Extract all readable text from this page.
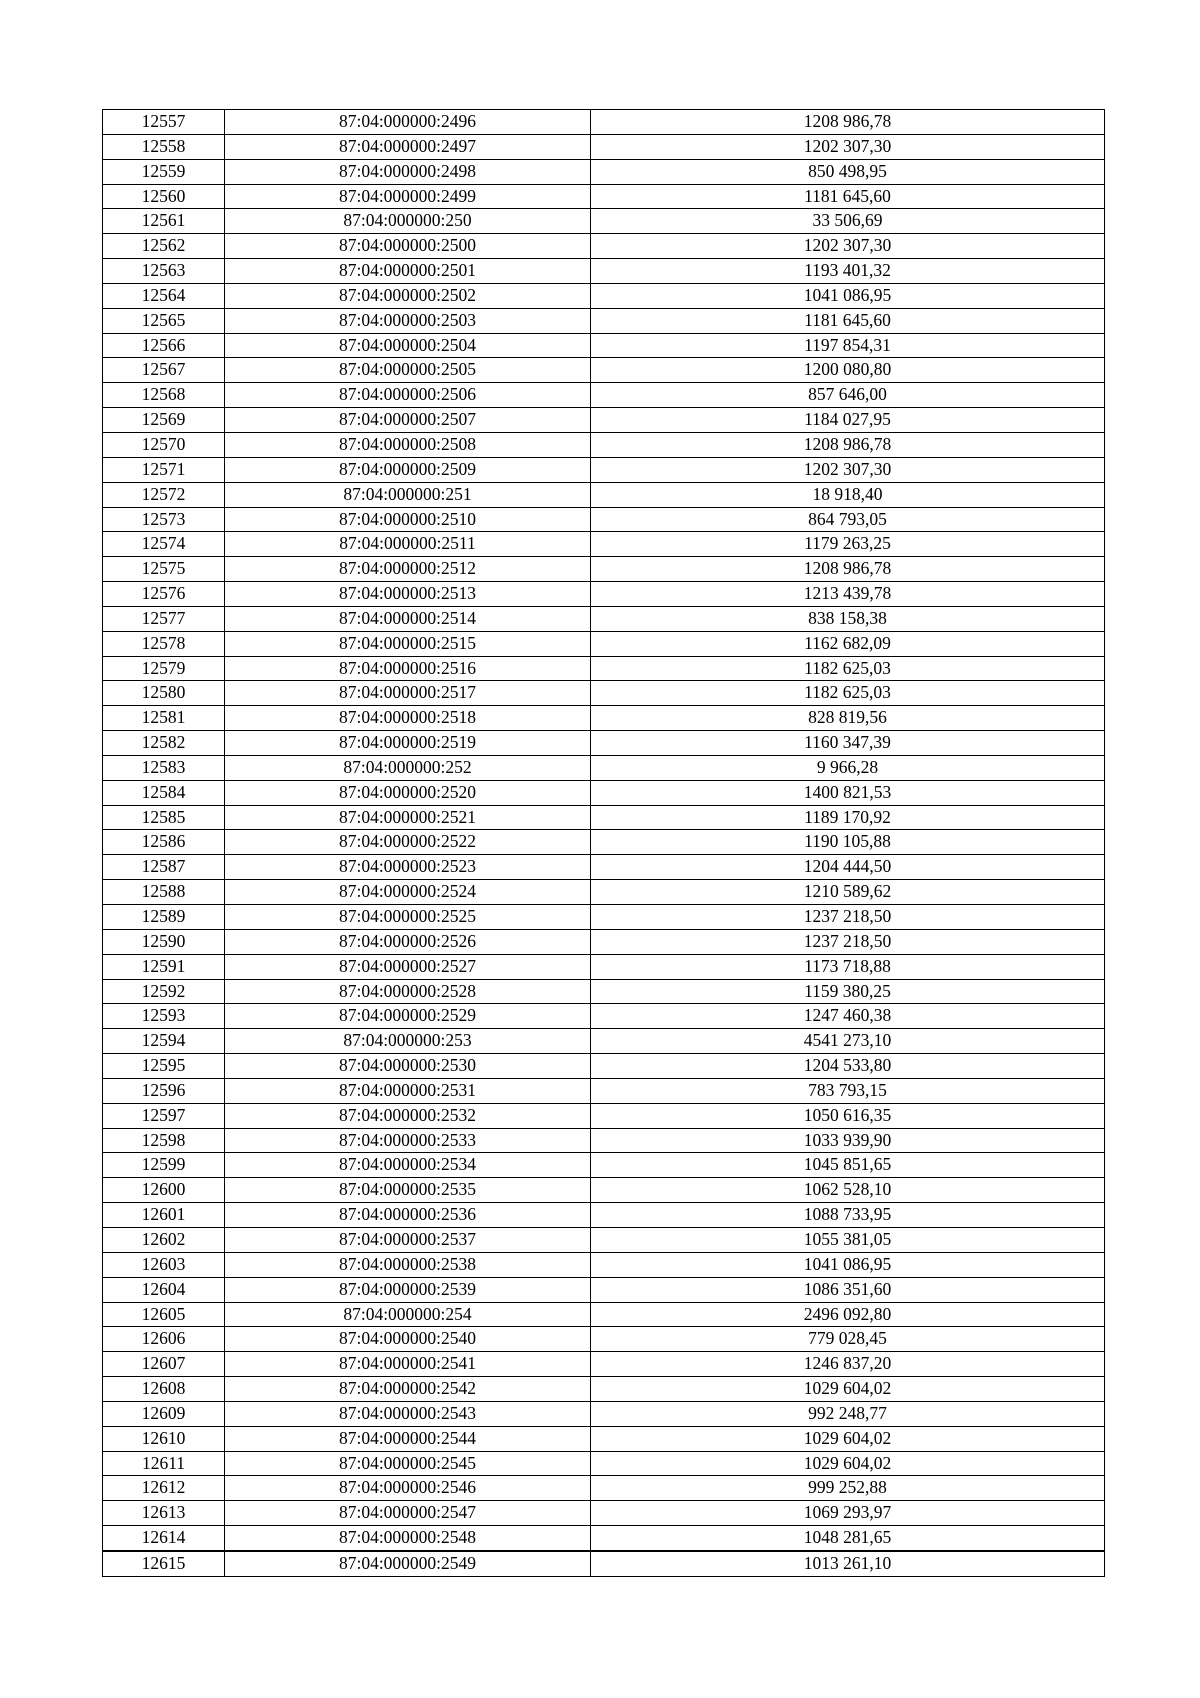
12557	87:04:000000:2496	1208 986,78
12558	87:04:000000:2497	1202 307,30
12559	87:04:000000:2498	850 498,95
12560	87:04:000000:2499	1181 645,60
12561	87:04:000000:250	33 506,69
12562	87:04:000000:2500	1202 307,30
12563	87:04:000000:2501	1193 401,32
12564	87:04:000000:2502	1041 086,95
12565	87:04:000000:2503	1181 645,60
12566	87:04:000000:2504	1197 854,31
12567	87:04:000000:2505	1200 080,80
12568	87:04:000000:2506	857 646,00
12569	87:04:000000:2507	1184 027,95
12570	87:04:000000:2508	1208 986,78
12571	87:04:000000:2509	1202 307,30
12572	87:04:000000:251	18 918,40
12573	87:04:000000:2510	864 793,05
12574	87:04:000000:2511	1179 263,25
12575	87:04:000000:2512	1208 986,78
12576	87:04:000000:2513	1213 439,78
12577	87:04:000000:2514	838 158,38
12578	87:04:000000:2515	1162 682,09
12579	87:04:000000:2516	1182 625,03
12580	87:04:000000:2517	1182 625,03
12581	87:04:000000:2518	828 819,56
12582	87:04:000000:2519	1160 347,39
12583	87:04:000000:252	9 966,28
12584	87:04:000000:2520	1400 821,53
12585	87:04:000000:2521	1189 170,92
12586	87:04:000000:2522	1190 105,88
12587	87:04:000000:2523	1204 444,50
12588	87:04:000000:2524	1210 589,62
12589	87:04:000000:2525	1237 218,50
12590	87:04:000000:2526	1237 218,50
12591	87:04:000000:2527	1173 718,88
12592	87:04:000000:2528	1159 380,25
12593	87:04:000000:2529	1247 460,38
12594	87:04:000000:253	4541 273,10
12595	87:04:000000:2530	1204 533,80
12596	87:04:000000:2531	783 793,15
12597	87:04:000000:2532	1050 616,35
12598	87:04:000000:2533	1033 939,90
12599	87:04:000000:2534	1045 851,65
12600	87:04:000000:2535	1062 528,10
12601	87:04:000000:2536	1088 733,95
12602	87:04:000000:2537	1055 381,05
12603	87:04:000000:2538	1041 086,95
12604	87:04:000000:2539	1086 351,60
12605	87:04:000000:254	2496 092,80
12606	87:04:000000:2540	779 028,45
12607	87:04:000000:2541	1246 837,20
12608	87:04:000000:2542	1029 604,02
12609	87:04:000000:2543	992 248,77
12610	87:04:000000:2544	1029 604,02
12611	87:04:000000:2545	1029 604,02
12612	87:04:000000:2546	999 252,88
12613	87:04:000000:2547	1069 293,97
12614	87:04:000000:2548	1048 281,65
12615	87:04:000000:2549	1013 261,10
